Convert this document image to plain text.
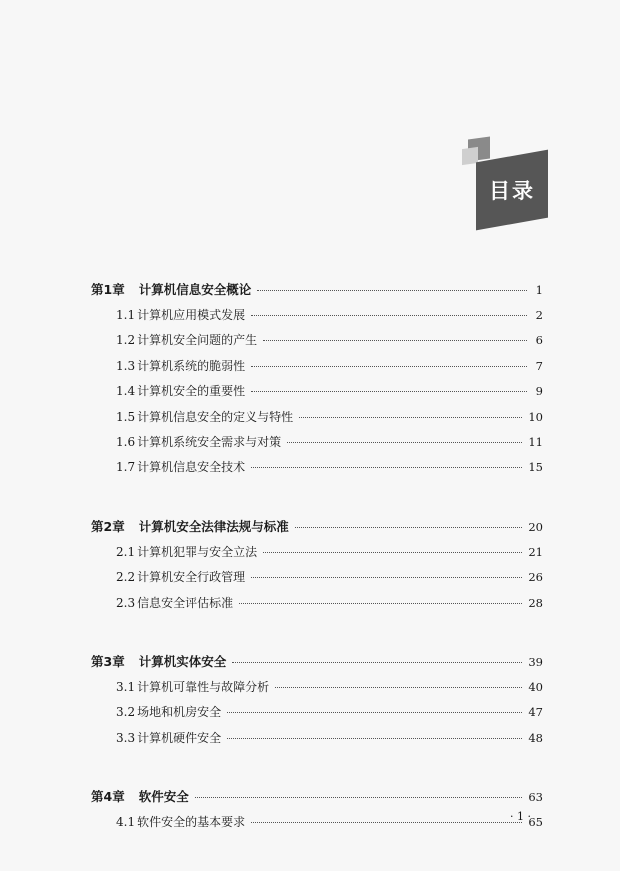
目录
第1章 计算机信息安全概论	1
1.1 计算机应用模式发展	2
1.2 计算机安全问题的产生	6
1.3 计算机系统的脆弱性	7
1.4 计算机安全的重要性	9
1.5 计算机信息安全的定义与特性	10
1.6 计算机系统安全需求与对策	11
1.7 计算机信息安全技术	15
第2章 计算机安全法律法规与标准	20
2.1 计算机犯罪与安全立法	21
2.2 计算机安全行政管理	26
2.3 信息安全评估标准	28
第3章 计算机实体安全	39
3.1 计算机可靠性与故障分析	40
3.2 场地和机房安全	47
3.3 计算机硬件安全	48
第4章 软件安全	63
4.1 软件安全的基本要求	65
· 1 ·
